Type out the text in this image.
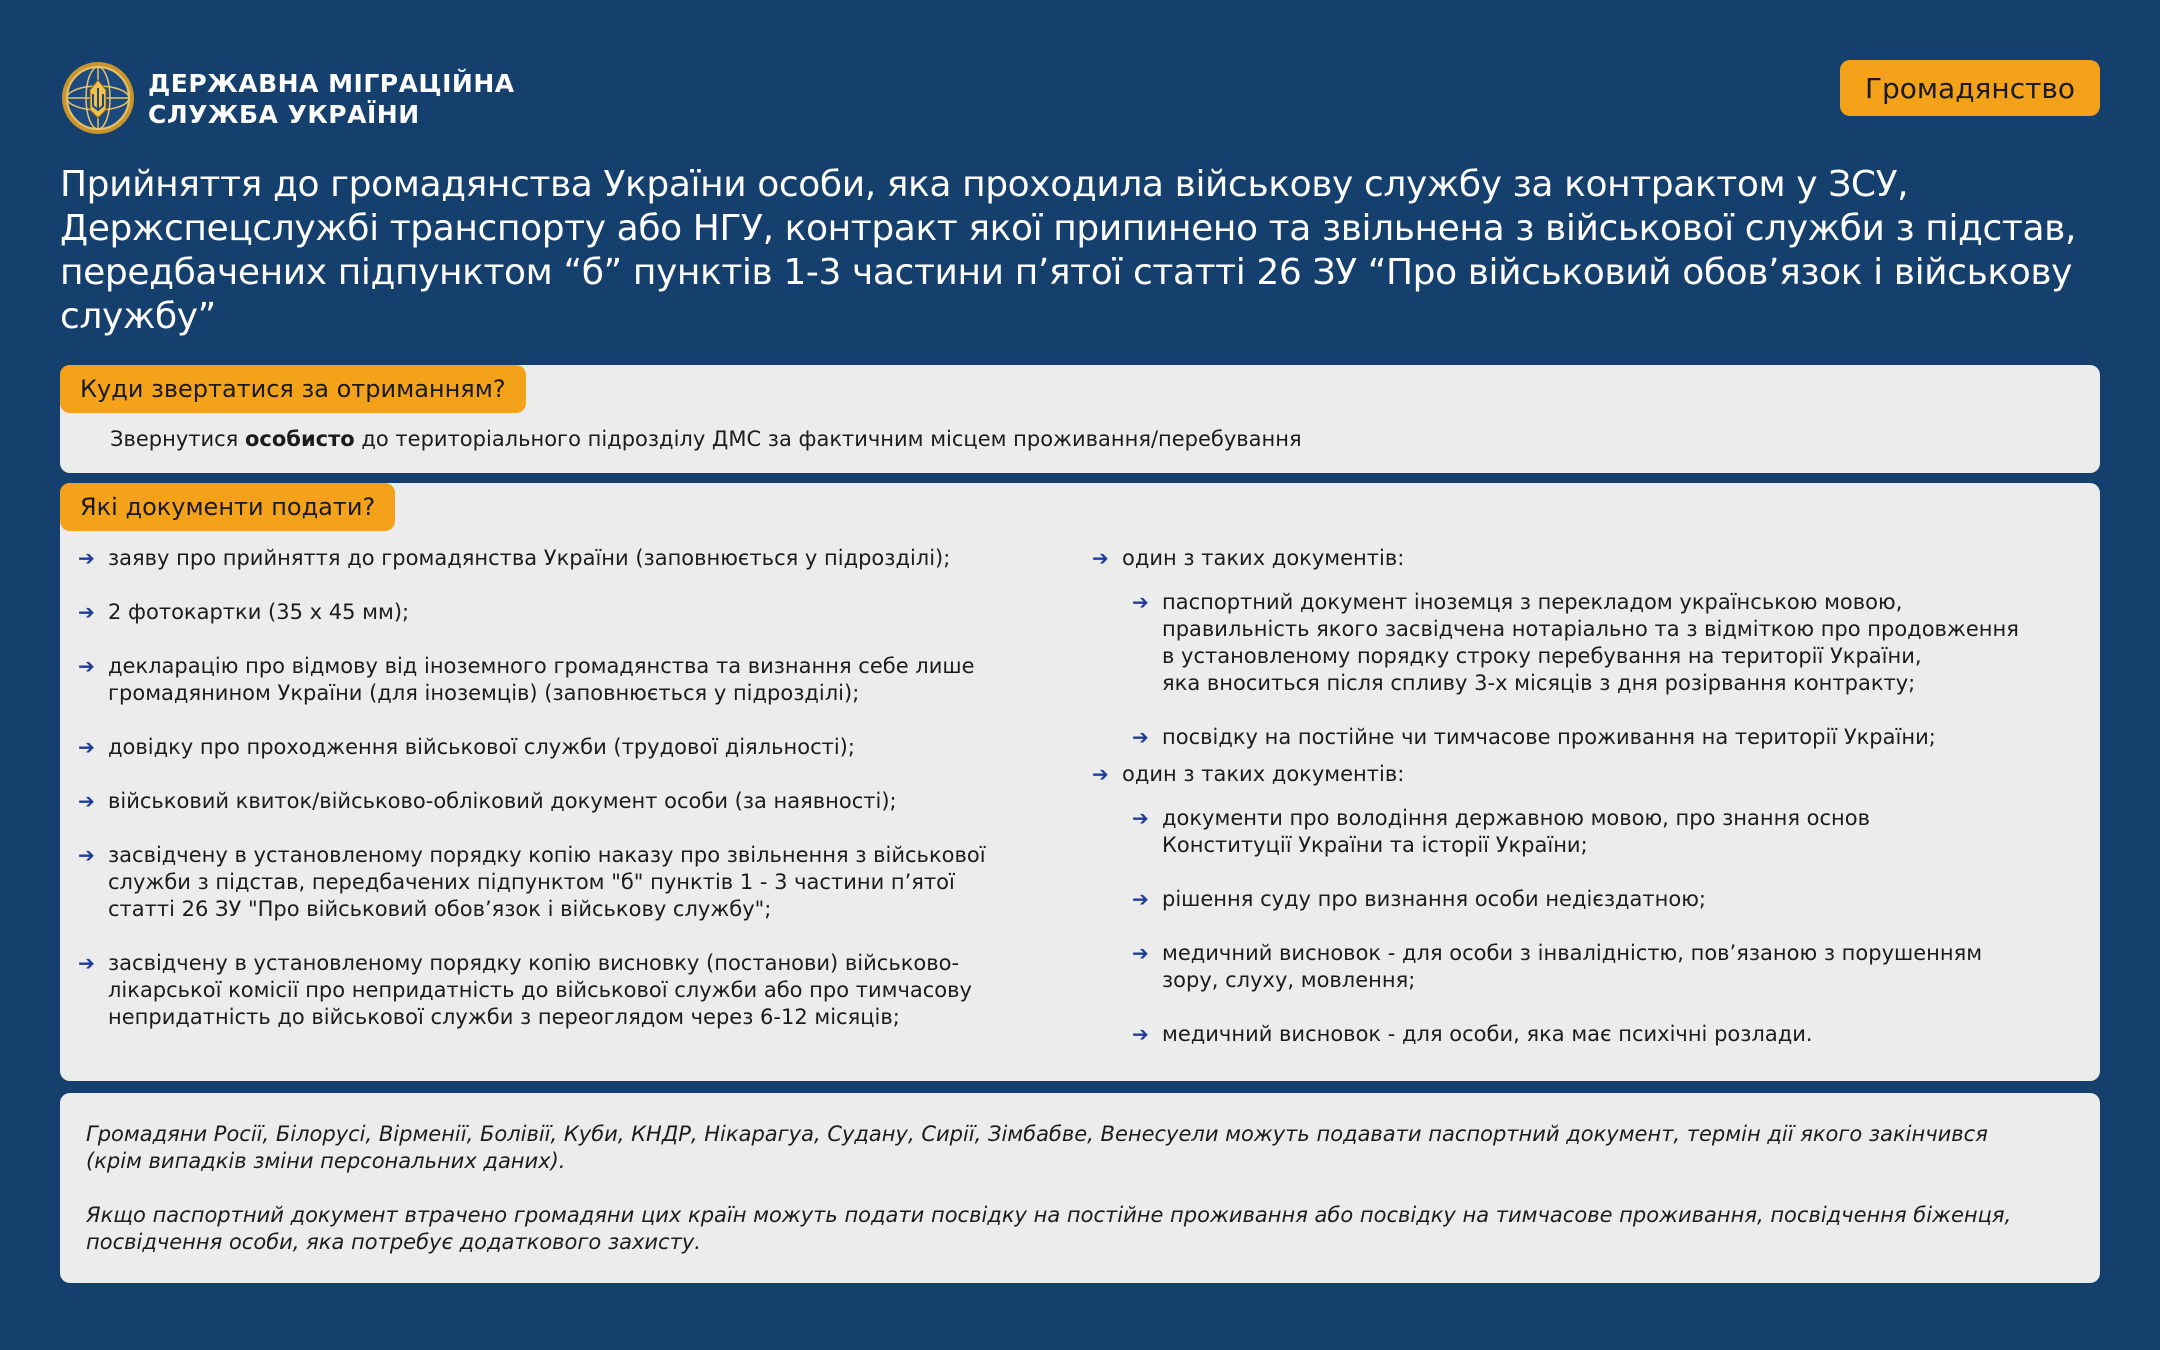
ДЕРЖАВНА МІГРАЦІЙНА
СЛУЖБА УКРАЇНИ
Громадянство
Прийняття до громадянства України особи, яка проходила військову службу за контрактом у ЗСУ, Держспецслужбі транспорту або НГУ, контракт якої припинено та звільнена з військової служби з підстав, передбачених підпунктом “б” пунктів 1-3 частини п’ятої статті 26 ЗУ “Про військовий обов’язок і військову службу”
Куди звертатися за отриманням?
Звернутися особисто до територіального підрозділу ДМС за фактичним місцем проживання/перебування
Які документи подати?
➔ заяву про прийняття до громадянства України (заповнюється у підрозділі);
➔ 2 фотокартки (35 х 45 мм);
➔ декларацію про відмову від іноземного громадянства та визнання себе лише
громадянином України (для іноземців) (заповнюється у підрозділі);
➔ довідку про проходження військової служби (трудової діяльності);
➔ військовий квиток/військово-обліковий документ особи (за наявності);
➔ засвідчену в установленому порядку копію наказу про звільнення з військової
служби з підстав, передбачених підпунктом "б" пунктів 1 - 3 частини п’ятої
статті 26 ЗУ "Про військовий обов’язок і військову службу";
➔ засвідчену в установленому порядку копію висновку (постанови) військово-
лікарської комісії про непридатність до військової служби або про тимчасову
непридатність до військової служби з переоглядом через 6-12 місяців;
➔ один з таких документів:
➔ паспортний документ іноземця з перекладом українською мовою,
правильність якого засвідчена нотаріально та з відміткою про продовження
в установленому порядку строку перебування на території України,
яка вноситься після спливу 3-х місяців з дня розірвання контракту;
➔ посвідку на постійне чи тимчасове проживання на території України;
➔ один з таких документів:
➔ документи про володіння державною мовою, про знання основ
Конституції України та історії України;
➔ рішення суду про визнання особи недієздатною;
➔ медичний висновок - для особи з інвалідністю, пов’язаною з порушенням
зору, слуху, мовлення;
➔ медичний висновок - для особи, яка має психічні розлади.

Громадяни Росії, Білорусі, Вірменії, Болівії, Куби, КНДР, Нікарагуа, Судану, Сирії, Зімбабве, Венесуели можуть подавати паспортний документ, термін дії якого закінчився
(крім випадків зміни персональних даних).

Якщо паспортний документ втрачено громадяни цих країн можуть подати посвідку на постійне проживання або посвідку на тимчасове проживання, посвідчення біженця,
посвідчення особи, яка потребує додаткового захисту.
